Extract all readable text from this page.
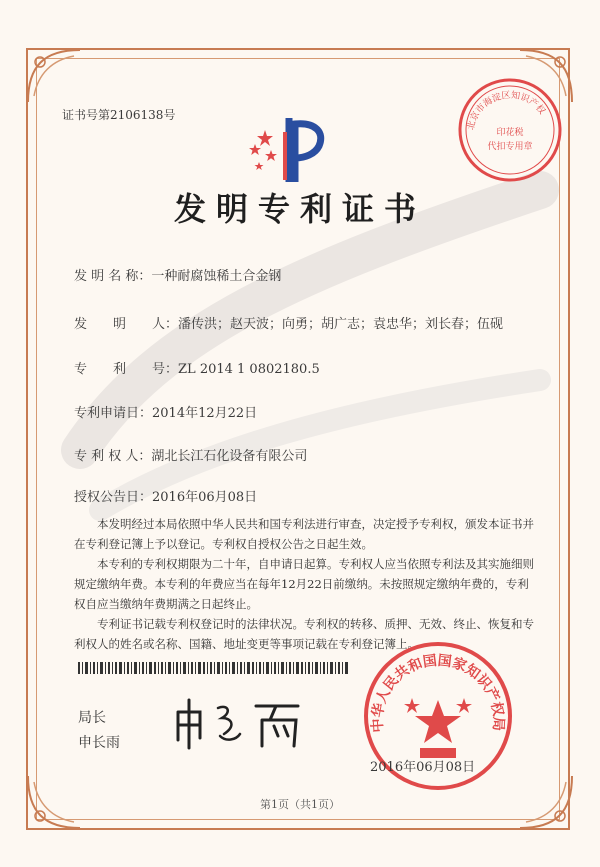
北京市海淀区知识产权
印花税
代扣专用章
证书号第2106138号
发明专利证书
发 明 名 称：一种耐腐蚀稀土合金钢
发　　明　　人：潘传洪；赵天波；向勇；胡广志；袁忠华；刘长春；伍砚
专　　利　　号：ZL 2014 1 0802180.5
专利申请日：2014年12月22日
专 利 权 人：湖北长江石化设备有限公司
授权公告日：2016年06月08日

本发明经过本局依照中华人民共和国专利法进行审查，决定授予专利权，颁发本证书并在专利登记簿上予以登记。专利权自授权公告之日起生效。

本专利的专利权期限为二十年，自申请日起算。专利权人应当依照专利法及其实施细则规定缴纳年费。本专利的年费应当在每年12月22日前缴纳。未按照规定缴纳年费的，专利权自应当缴纳年费期满之日起终止。

专利证书记载专利权登记时的法律状况。专利权的转移、质押、无效、终止、恢复和专利权人的姓名或名称、国籍、地址变更等事项记载在专利登记簿上。

局长
申长雨
中华人民共和国国家知识产权局
2016年06月08日
第1页（共1页）
